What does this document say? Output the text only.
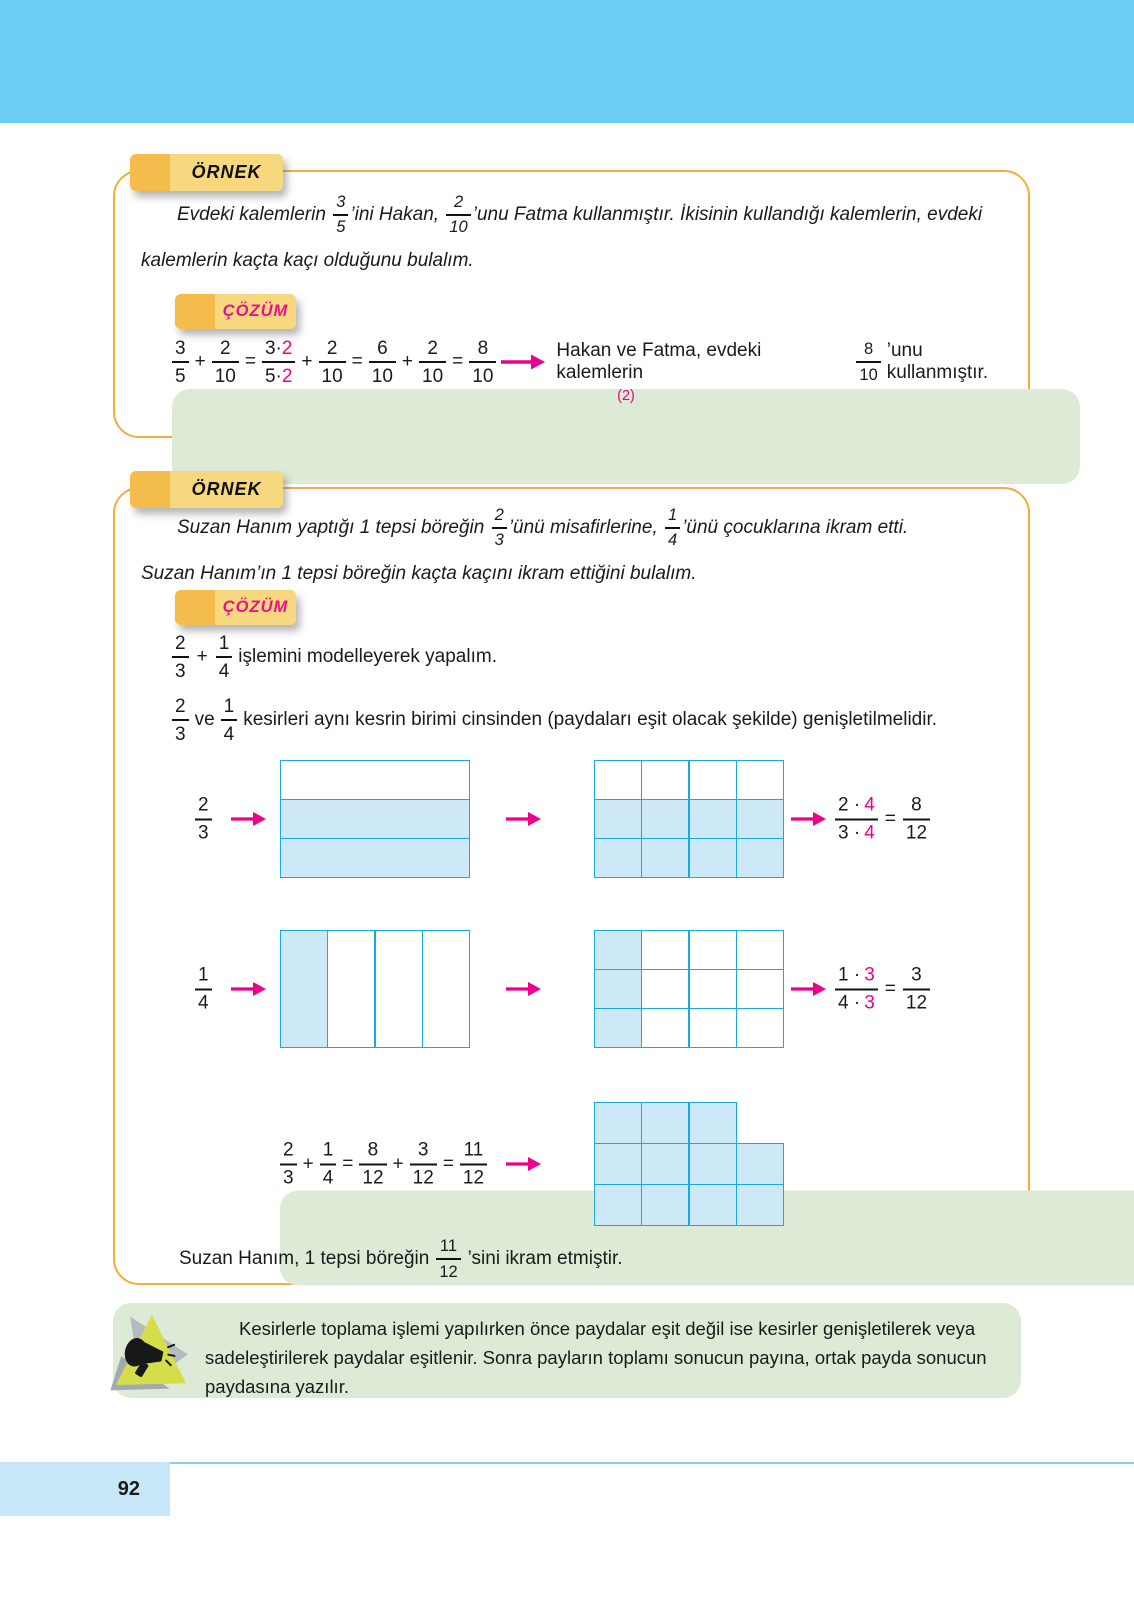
ÖRNEK

Evdeki kalemlerin $\frac{3}{5}$ ’ini Hakan, $\frac{2}{10}$ ’unu Fatma kullanmıştır. İkisinin kullandığı kalemlerin, evdeki kalemlerin kaçta kaçı olduğunu bulalım.

ÇÖZÜM
3
5
(2)
+ $\frac{2}{10} = \frac{3\cdot 2}{5\cdot 2} + \frac{2}{10} = \frac{6}{10} + \frac{2}{10} = \frac{8}{10}$	Hakan ve Fatma, evdeki kalemlerin	$\frac{8}{10}$ ’unu kullanmıştır.
ÖRNEK

Suzan Hanım yaptığı 1 tepsi böreğin $\frac{2}{3}$ ’ünü misafirlerine, $\frac{1}{4}$ ’ünü çocuklarına ikram etti. Suzan Hanım’ın 1 tepsi böreğin kaçta kaçını ikram ettiğini bulalım.

ÇÖZÜM
$\frac{2}{3} + \frac{1}{4}$ işlemini modelleyerek yapalım.
$\frac{2}{3}$ ve $\frac{1}{4}$ kesirleri aynı kesrin birimi cinsinden (paydaları eşit olacak şekilde) genişletilmelidir.
$\frac{2}{3}$	$\frac{2 \cdot 4}{3 \cdot 4} = \frac{8}{12}$
$\frac{1}{4}$	$\frac{1 \cdot 3}{4 \cdot 3} = \frac{3}{12}$
$\frac{2}{3} + \frac{1}{4} = \frac{8}{12} + \frac{3}{12} = \frac{11}{12}$
Suzan Hanım, 1 tepsi böreğin $\frac{11}{12}$ ’sini ikram etmiştir.

Kesirlerle toplama işlemi yapılırken önce paydalar eşit değil ise kesirler genişletilerek veya sadeleştirilerek paydalar eşitlenir. Sonra payların toplamı sonucun payına, ortak payda sonucun paydasına yazılır.

92
